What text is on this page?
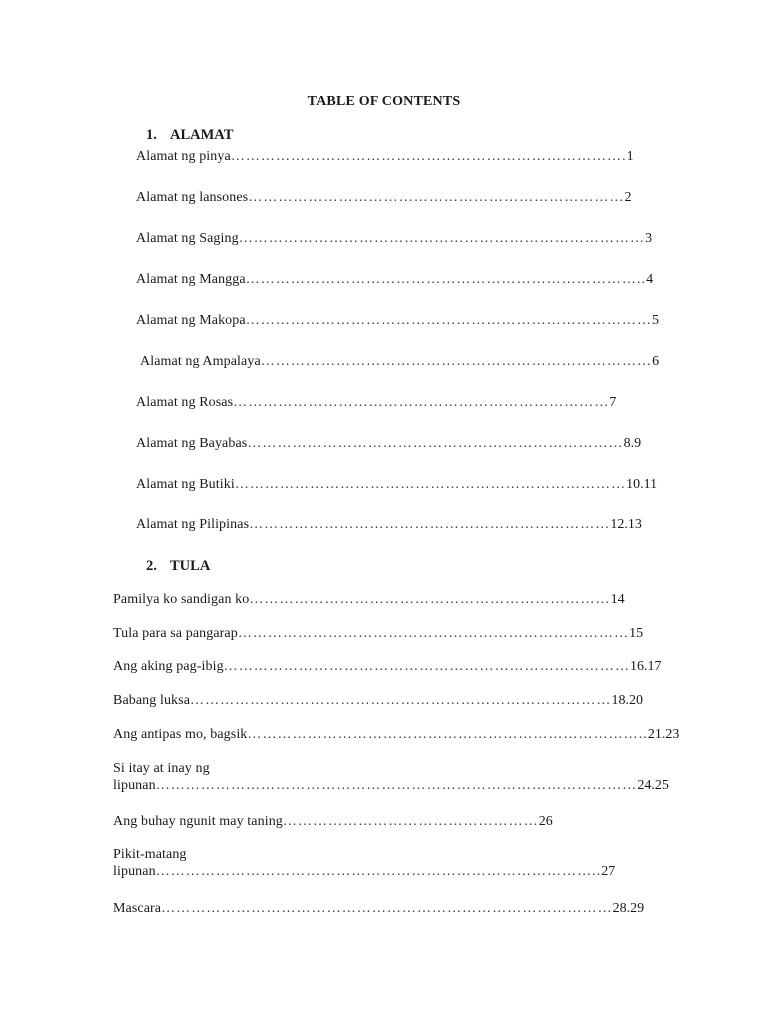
TABLE OF CONTENTS
1. ALAMAT
Alamat ng pinya…………………………………………………………………….1
Alamat ng lansones…………………………………………………………………2
Alamat ng Saging………………………………………………………………………3
Alamat ng Mangga……………………………………………………………………..4
Alamat ng Makopa………………………………………………………………………5
Alamat ng Ampalaya……………………………………………………………………6
Alamat ng Rosas…………………………………………………………………7
Alamat ng Bayabas…………………………………………………………………8.9
Alamat ng Butiki……………………………………………………………………10.11
Alamat ng Pilipinas………………………………………………………………12.13
2. TULA
Pamilya ko sandigan ko………………………………………………………………14
Tula para sa pangarap……………………………………………………………………15
Ang aking pag-ibig………………………………………………………………………16.17
Babang luksa…………………………………………………………………………18.20
Ang antipas mo, bagsik……………………………………………………………………..21.23
Si itay at inay ng
lipunan……………………………………………………………………………………24.25
Ang buhay ngunit may taning……………………………………………26
Pikit-matang
lipunan……………………………………………………………………………..27
Mascara………………………………………………………………………………28.29
